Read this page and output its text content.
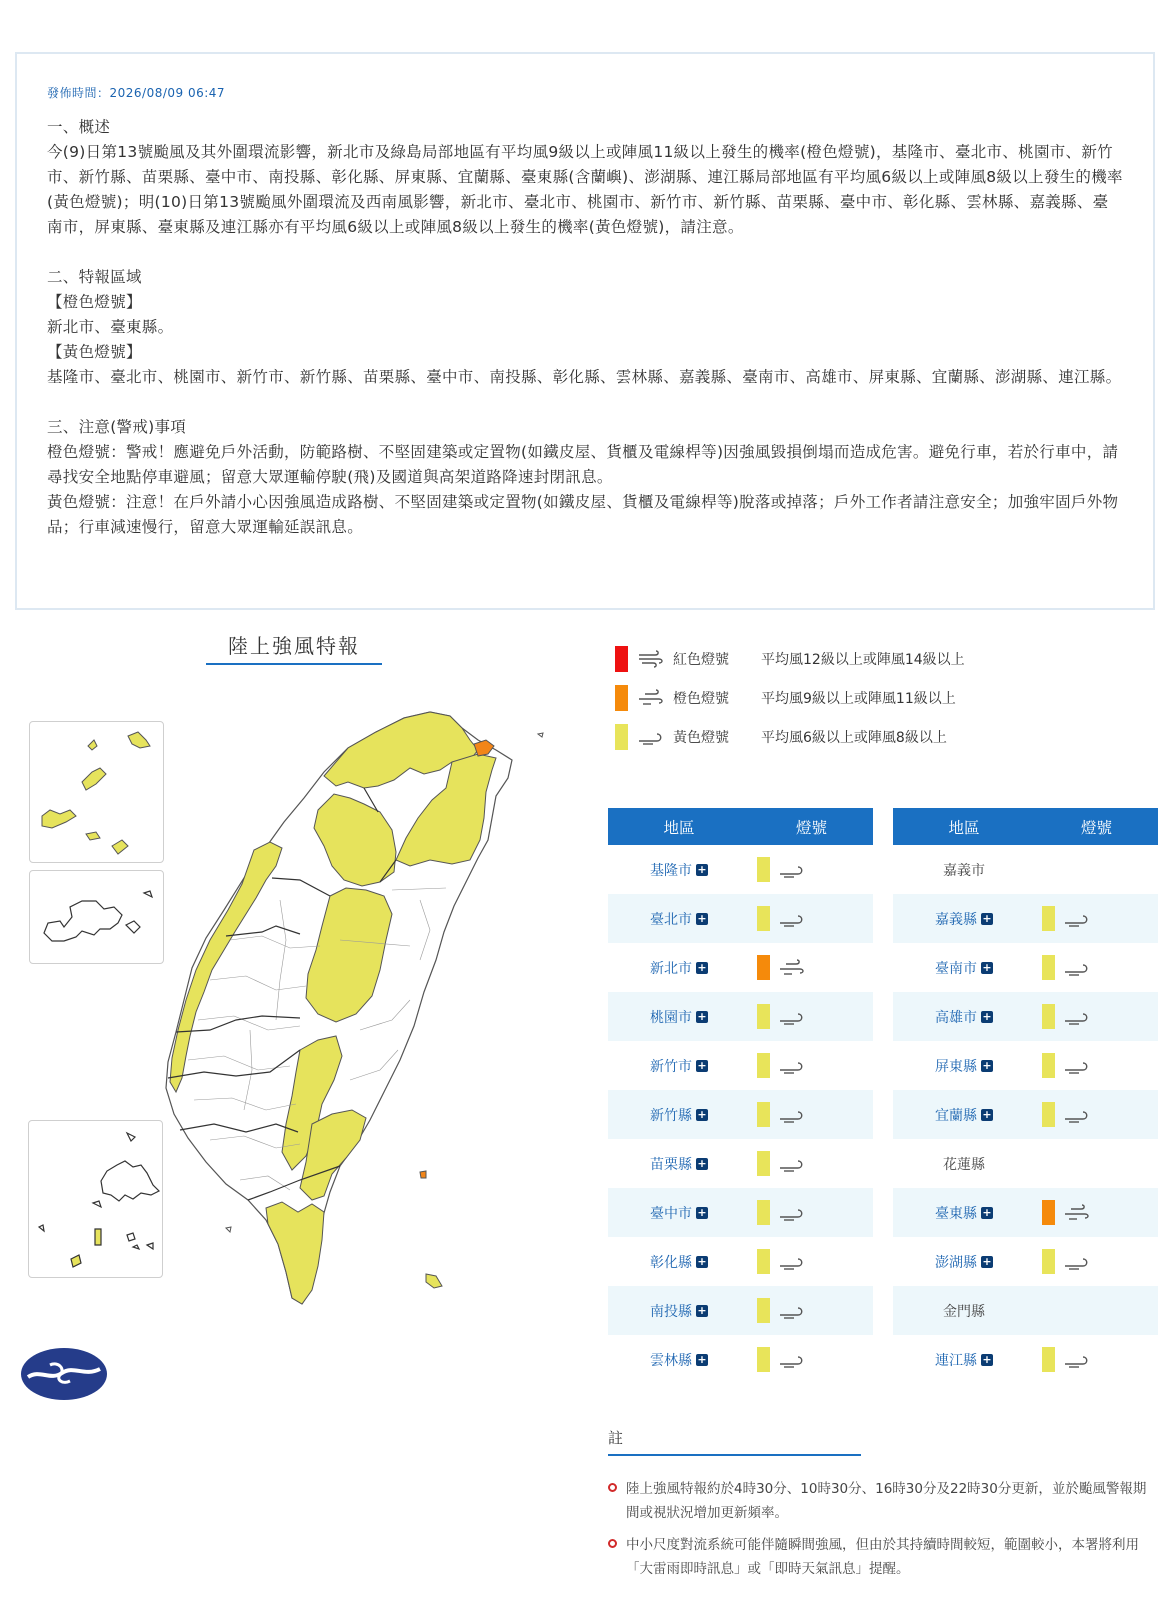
發佈時間：2026/08/09 06:47
一、概述
今(9)日第13號颱風及其外圍環流影響，新北市及綠島局部地區有平均風9級以上或陣風11級以上發生的機率(橙色燈號)，基隆市、臺北市、桃園市、新竹市、新竹縣、苗栗縣、臺中市、南投縣、彰化縣、屏東縣、宜蘭縣、臺東縣(含蘭嶼)、澎湖縣、連江縣局部地區有平均風6級以上或陣風8級以上發生的機率(黃色燈號)；明(10)日第13號颱風外圍環流及西南風影響，新北市、臺北市、桃園市、新竹市、新竹縣、苗栗縣、臺中市、彰化縣、雲林縣、嘉義縣、臺南市，屏東縣、臺東縣及連江縣亦有平均風6級以上或陣風8級以上發生的機率(黃色燈號)，請注意。
二、特報區域
【橙色燈號】
新北市、臺東縣。
【黃色燈號】
基隆市、臺北市、桃園市、新竹市、新竹縣、苗栗縣、臺中市、南投縣、彰化縣、雲林縣、嘉義縣、臺南市、高雄市、屏東縣、宜蘭縣、澎湖縣、連江縣。
三、注意(警戒)事項
橙色燈號：警戒！應避免戶外活動，防範路樹、不堅固建築或定置物(如鐵皮屋、貨櫃及電線桿等)因強風毀損倒塌而造成危害。避免行車，若於行車中，請尋找安全地點停車避風；留意大眾運輸停駛(飛)及國道與高架道路降速封閉訊息。
黃色燈號：注意！在戶外請小心因強風造成路樹、不堅固建築或定置物(如鐵皮屋、貨櫃及電線桿等)脫落或掉落；戶外工作者請注意安全；加強牢固戶外物品；行車減速慢行，留意大眾運輸延誤訊息。
陸上強風特報
紅色燈號	平均風12級以上或陣風14級以上
橙色燈號	平均風9級以上或陣風11級以上
黃色燈號	平均風6級以上或陣風8級以上
地區	燈號
基隆市 +
臺北市 +
新北市 +
桃園市 +
新竹市 +
新竹縣 +
苗栗縣 +
臺中市 +
彰化縣 +
南投縣 +
雲林縣 +
地區	燈號
嘉義市
嘉義縣 +
臺南市 +
高雄市 +
屏東縣 +
宜蘭縣 +
花蓮縣
臺東縣 +
澎湖縣 +
金門縣
連江縣 +
註
陸上強風特報約於4時30分、10時30分、16時30分及22時30分更新，並於颱風警報期間或視狀況增加更新頻率。
中小尺度對流系統可能伴隨瞬間強風，但由於其持續時間較短，範圍較小，本署將利用「大雷雨即時訊息」或「即時天氣訊息」提醒。
